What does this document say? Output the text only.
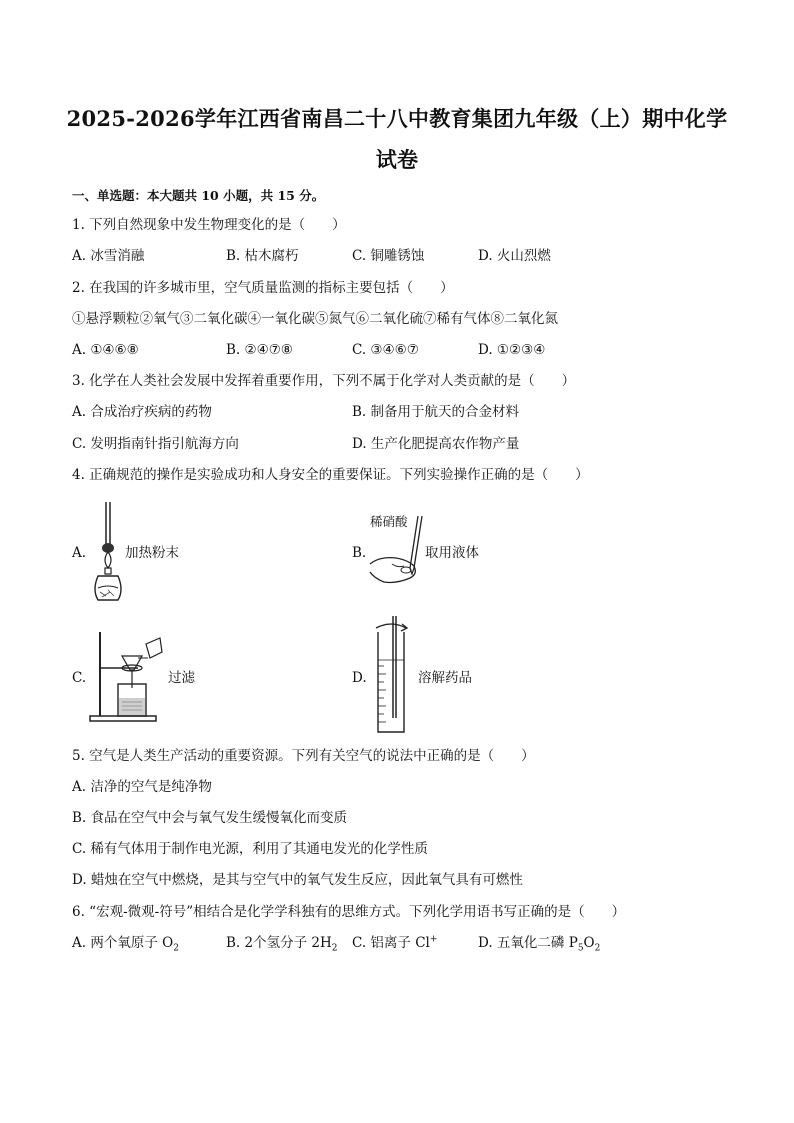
2025-2026学年江西省南昌二十八中教育集团九年级（上）期中化学
试卷
一、单选题：本大题共 10 小题，共 15 分。
1. 下列自然现象中发生物理变化的是（　　）
A. 冰雪消融	B. 枯木腐朽	C. 铜雕锈蚀	D. 火山烈燃
2. 在我国的许多城市里，空气质量监测的指标主要包括（　　）
①悬浮颗粒②氧气③二氧化碳④一氧化碳⑤氮气⑥二氧化硫⑦稀有气体⑧二氧化氮
A. ①④⑥⑧	B. ②④⑦⑧	C. ③④⑥⑦	D. ①②③④
3. 化学在人类社会发展中发挥着重要作用，下列不属于化学对人类贡献的是（　　）
A. 合成治疗疾病的药物	B. 制备用于航天的合金材料
C. 发明指南针指引航海方向	D. 生产化肥提高农作物产量
4. 正确规范的操作是实验成功和人身安全的重要保证。下列实验操作正确的是（　　）
A.	加热粉末	B.
稀硝酸
取用液体
C.	过滤	D.	溶解药品
5. 空气是人类生产活动的重要资源。下列有关空气的说法中正确的是（　　）
A. 洁净的空气是纯净物
B. 食品在空气中会与氧气发生缓慢氧化而变质
C. 稀有气体用于制作电光源，利用了其通电发光的化学性质
D. 蜡烛在空气中燃烧，是其与空气中的氧气发生反应，因此氧气具有可燃性
6. “宏观-微观-符号”相结合是化学学科独有的思维方式。下列化学用语书写正确的是（　　）
A. 两个氧原子 $O_2$	B. 2个氢分子 $2H_2$ C. 铝离子 Cl+	D. 五氧化二磷 $P_5O_2$
